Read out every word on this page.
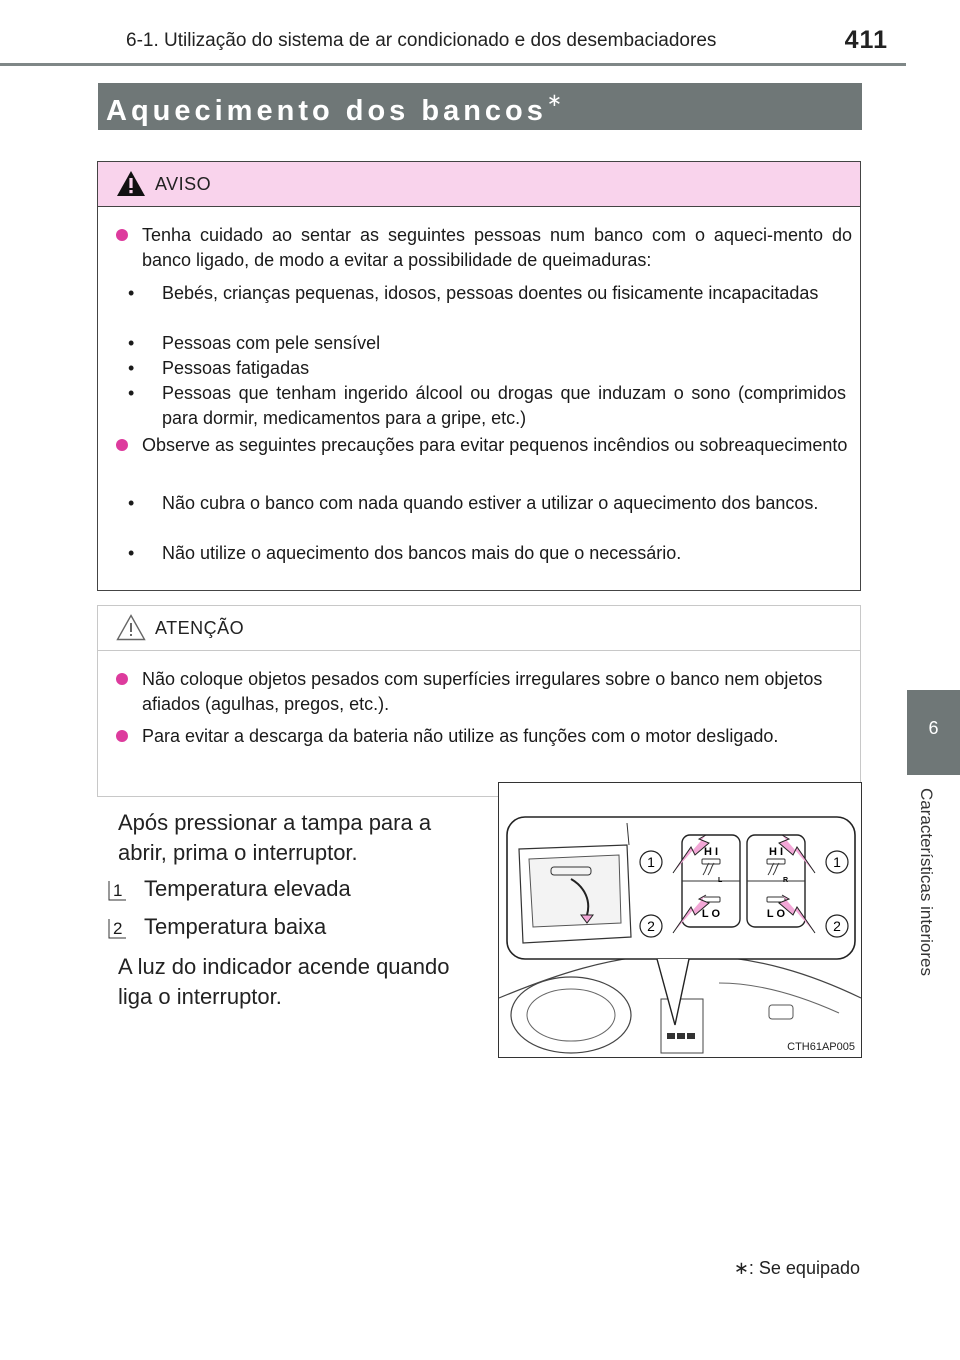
6-1. Utilização do sistema de ar condicionado e dos desembaciadores	411
6
Características interiores
Aquecimento dos bancos∗
AVISO
Tenha cuidado ao sentar as seguintes pessoas num banco com o aqueci-mento do banco ligado, de modo a evitar a possibilidade de queimaduras:
• Bebés, crianças pequenas, idosos, pessoas doentes ou fisicamente incapacitadas
• Pessoas com pele sensível
• Pessoas fatigadas
• Pessoas que tenham ingerido álcool ou drogas que induzam o sono (comprimidos para dormir, medicamentos para a gripe, etc.)
Observe as seguintes precauções para evitar pequenos incêndios ou sobreaquecimento
• Não cubra o banco com nada quando estiver a utilizar o aquecimento dos bancos.
• Não utilize o aquecimento dos bancos mais do que o necessário.
ATENÇÃO
Não coloque objetos pesados com superfícies irregulares sobre o banco nem objetos afiados (agulhas, pregos, etc.).
Para evitar a descarga da bateria não utilize as funções com o motor desligado.
Após pressionar a tampa para a
abrir, prima o interruptor.
1 Temperatura elevada
2 Temperatura baixa
A luz do indicador acende quando
liga o interruptor.
H I
L
L O
H I
R
L O
1
2
1
2
CTH61AP005
∗: Se equipado
